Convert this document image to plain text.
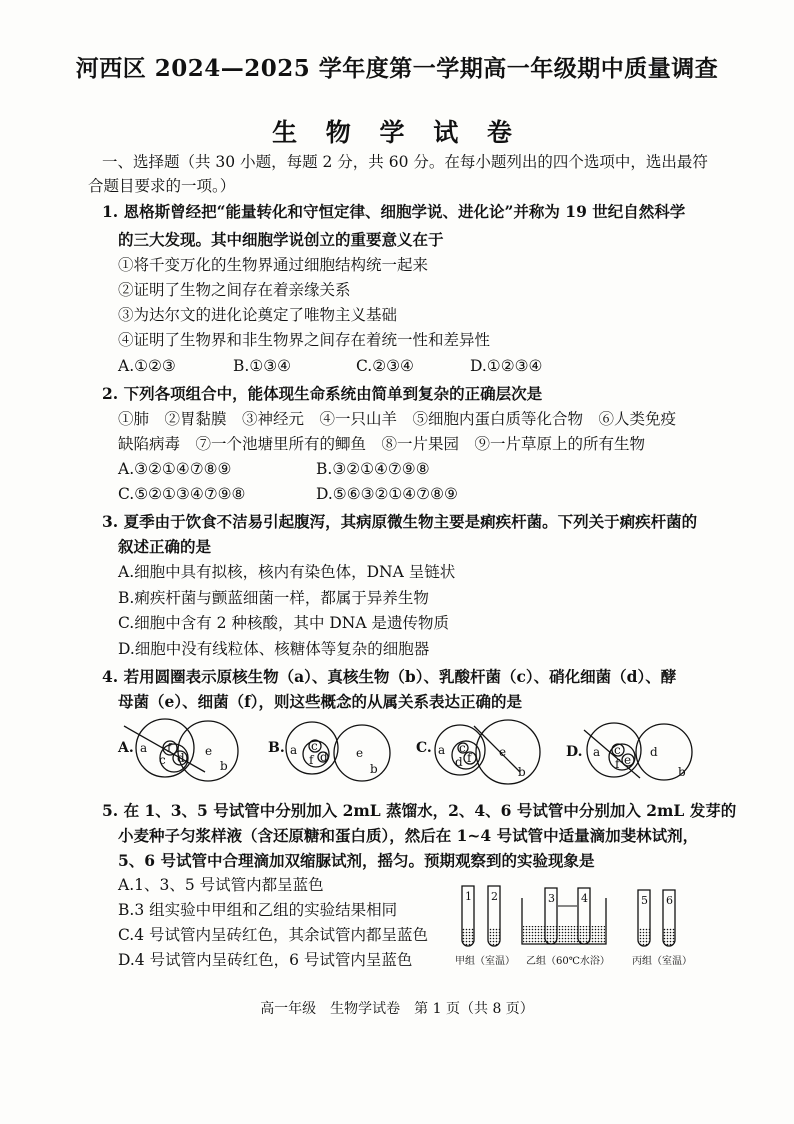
河西区 2024—2025 学年度第一学期高一年级期中质量调查
生 物 学 试 卷
一、选择题（共 30 小题，每题 2 分，共 60 分。在每小题列出的四个选项中，选出最符
合题目要求的一项。）
1. 恩格斯曾经把“能量转化和守恒定律、细胞学说、进化论”并称为 19 世纪自然科学
的三大发现。其中细胞学说创立的重要意义在于
①将千变万化的生物界通过细胞结构统一起来
②证明了生物之间存在着亲缘关系
③为达尔文的进化论奠定了唯物主义基础
④证明了生物界和非生物界之间存在着统一性和差异性
A.①②③	B.①③④	C.②③④	D.①②③④
2. 下列各项组合中，能体现生命系统由简单到复杂的正确层次是
①肺　②胃黏膜　③神经元　④一只山羊　⑤细胞内蛋白质等化合物　⑥人类免疫
缺陷病毒　⑦一个池塘里所有的鲫鱼　⑧一片果园　⑨一片草原上的所有生物
A.③②①④⑦⑧⑨	B.③②①④⑦⑨⑧
C.⑤②①③④⑦⑨⑧	D.⑤⑥③②①④⑦⑧⑨
3. 夏季由于饮食不洁易引起腹泻，其病原微生物主要是痢疾杆菌。下列关于痢疾杆菌的
叙述正确的是
A.细胞中具有拟核，核内有染色体，DNA 呈链状
B.痢疾杆菌与颤蓝细菌一样，都属于异养生物
C.细胞中含有 2 种核酸，其中 DNA 是遗传物质
D.细胞中没有线粒体、核糖体等复杂的细胞器
4. 若用圆圈表示原核生物（a）、真核生物（b）、乳酸杆菌（c）、硝化细菌（d）、酵
母菌（e）、细菌（f），则这些概念的从属关系表达正确的是
A. a f
c d e
b
B. a c
f d e
b
C. a c
d f e
b
D. a c
f e
d
b
5. 在 1、3、5 号试管中分别加入 2mL 蒸馏水，2、4、6 号试管中分别加入 2mL 发芽的
小麦种子匀浆样液（含还原糖和蛋白质），然后在 1~4 号试管中适量滴加斐林试剂，
5、6 号试管中合理滴加双缩脲试剂，摇匀。预期观察到的实验现象是
A.1、3、5 号试管内都呈蓝色
B.3 组实验中甲组和乙组的实验结果相同
C.4 号试管内呈砖红色，其余试管内都呈蓝色
D.4 号试管内呈砖红色，6 号试管内呈蓝色
1 2	3 4	5 6
甲组（室温） 乙组（60℃水浴） 丙组（室温）
高一年级　生物学试卷　第 1 页（共 8 页）
